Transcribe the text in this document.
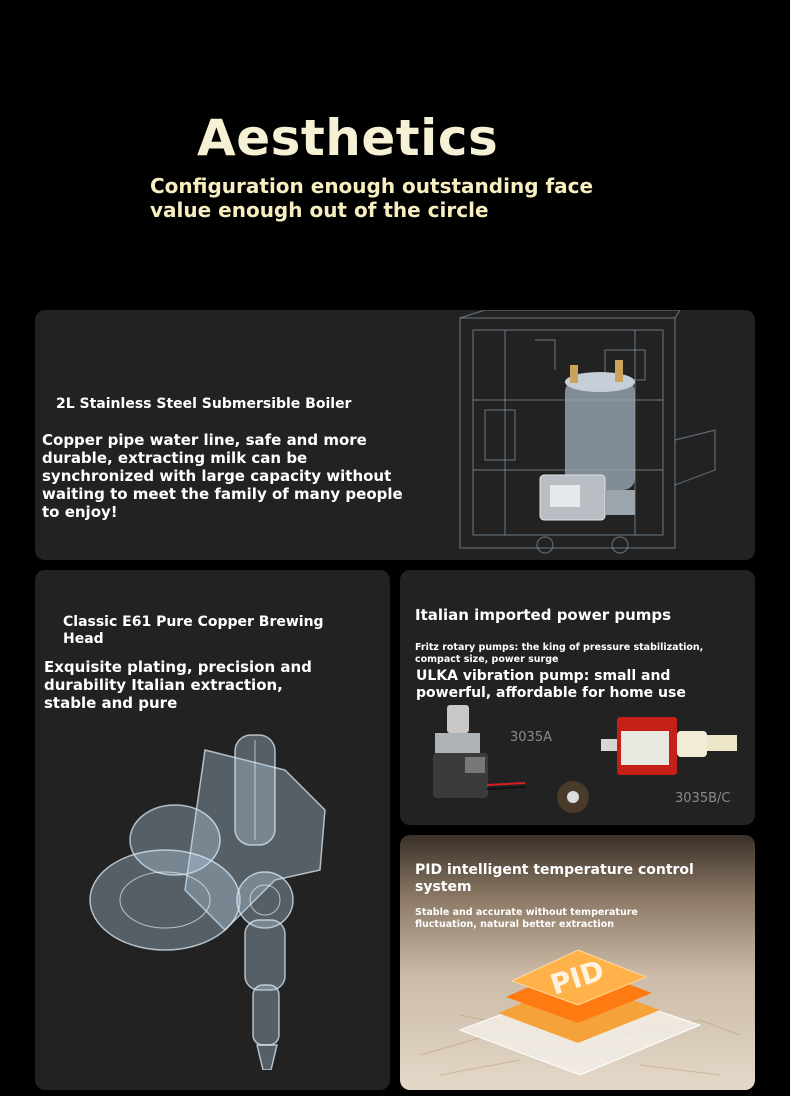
Aesthetics
Configuration enough outstanding face value enough out of the circle
2L Stainless Steel Submersible Boiler
Copper pipe water line, safe and more durable, extracting milk can be synchronized with large capacity without waiting to meet the family of many people to enjoy!
Classic E61 Pure Copper Brewing Head
Exquisite plating, precision and durability Italian extraction, stable and pure
Italian imported power pumps
Fritz rotary pumps: the king of pressure stabilization, compact size, power surge
ULKA vibration pump: small and powerful, affordable for home use
3035A
3035B/C
PID intelligent temperature control system
Stable and accurate without temperature fluctuation, natural better extraction
PID
